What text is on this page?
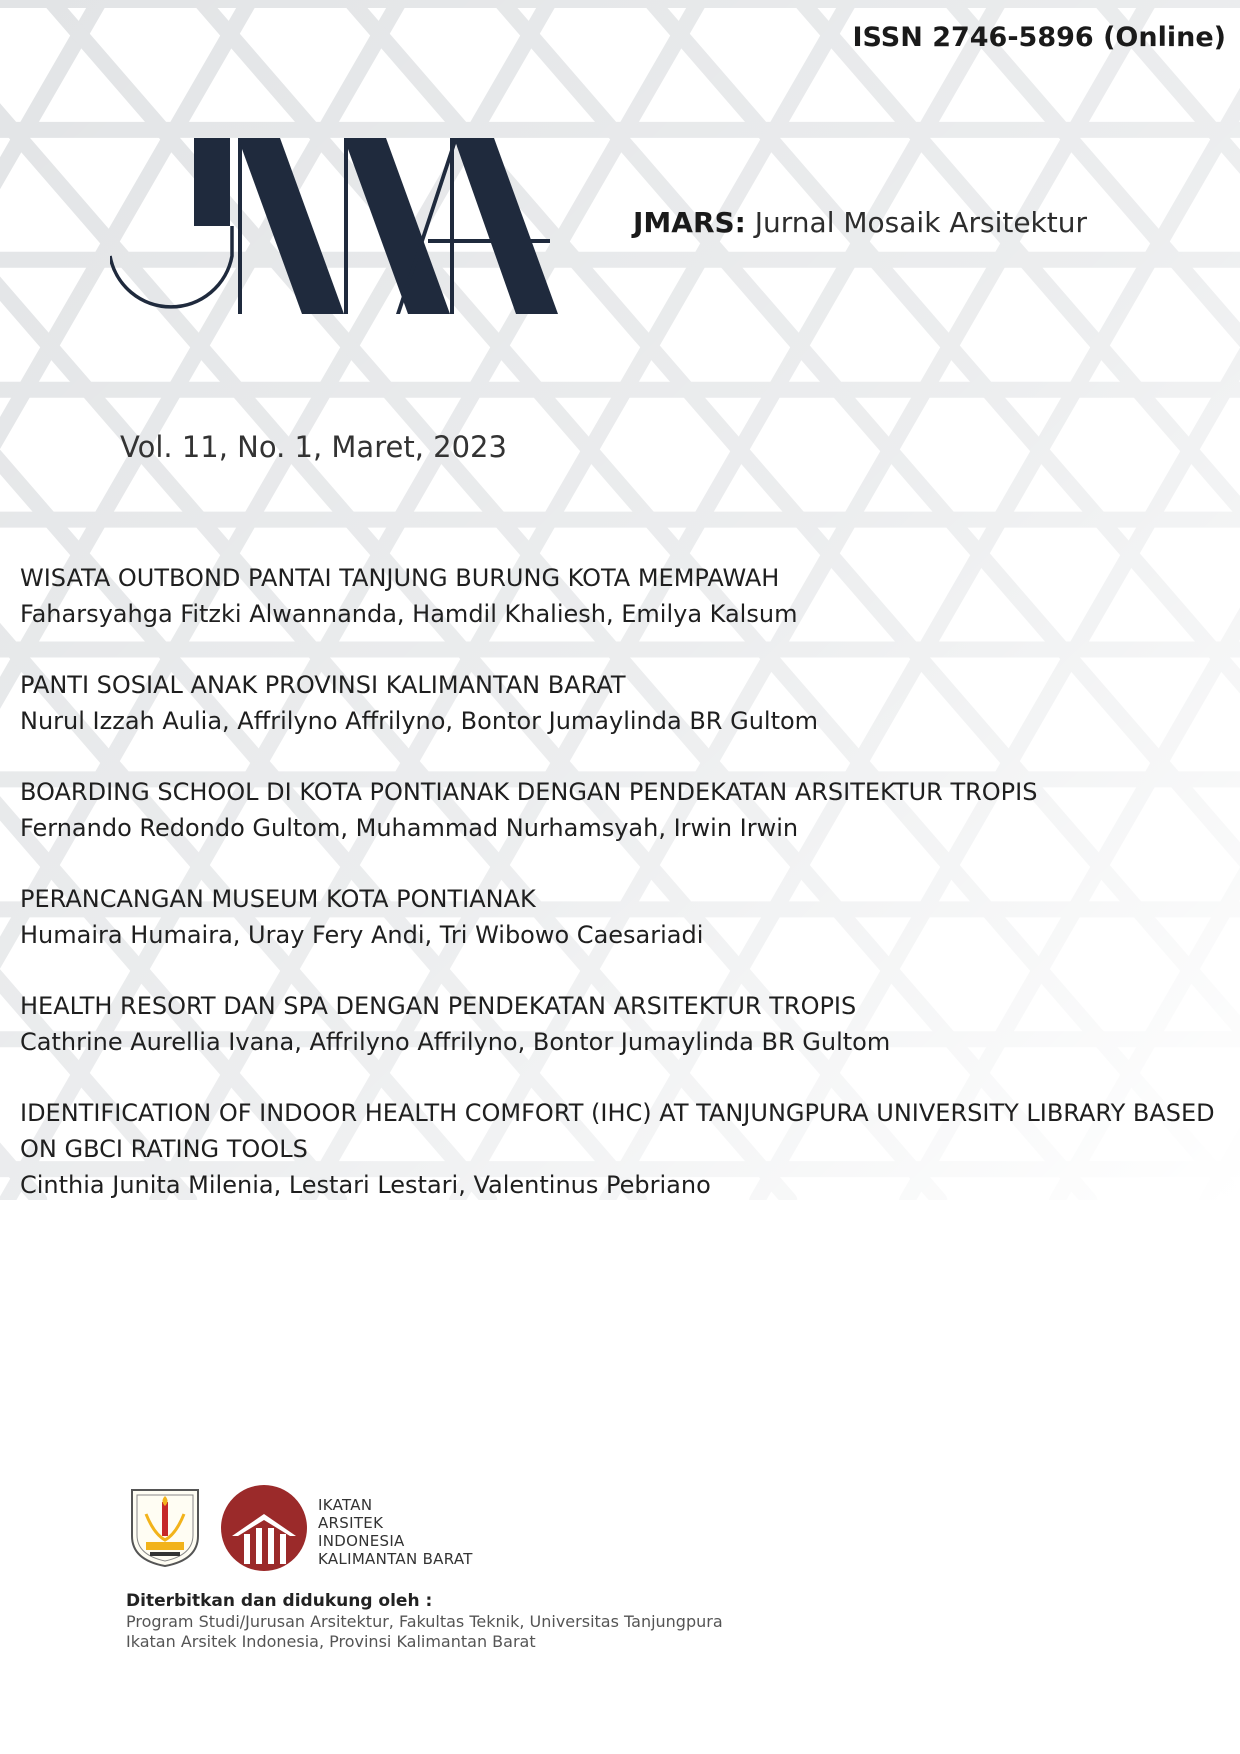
ISSN 2746-5896 (Online)
JMARS: Jurnal Mosaik Arsitektur
Vol. 11, No. 1, Maret, 2023
WISATA OUTBOND PANTAI TANJUNG BURUNG KOTA MEMPAWAH
Faharsyahga Fitzki Alwannanda, Hamdil Khaliesh, Emilya Kalsum
PANTI SOSIAL ANAK PROVINSI KALIMANTAN BARAT
Nurul Izzah Aulia, Affrilyno Affrilyno, Bontor Jumaylinda BR Gultom
BOARDING SCHOOL DI KOTA PONTIANAK DENGAN PENDEKATAN ARSITEKTUR TROPIS
Fernando Redondo Gultom, Muhammad Nurhamsyah, Irwin Irwin
PERANCANGAN MUSEUM KOTA PONTIANAK
Humaira Humaira, Uray Fery Andi, Tri Wibowo Caesariadi
HEALTH RESORT DAN SPA DENGAN PENDEKATAN ARSITEKTUR TROPIS
Cathrine Aurellia Ivana, Affrilyno Affrilyno, Bontor Jumaylinda BR Gultom
IDENTIFICATION OF INDOOR HEALTH COMFORT (IHC) AT TANJUNGPURA UNIVERSITY LIBRARY BASED ON GBCI RATING TOOLS
Cinthia Junita Milenia, Lestari Lestari, Valentinus Pebriano
IKATAN
ARSITEK
INDONESIA
KALIMANTAN BARAT
Diterbitkan dan didukung oleh :
Program Studi/Jurusan Arsitektur, Fakultas Teknik, Universitas Tanjungpura
Ikatan Arsitek Indonesia, Provinsi Kalimantan Barat
